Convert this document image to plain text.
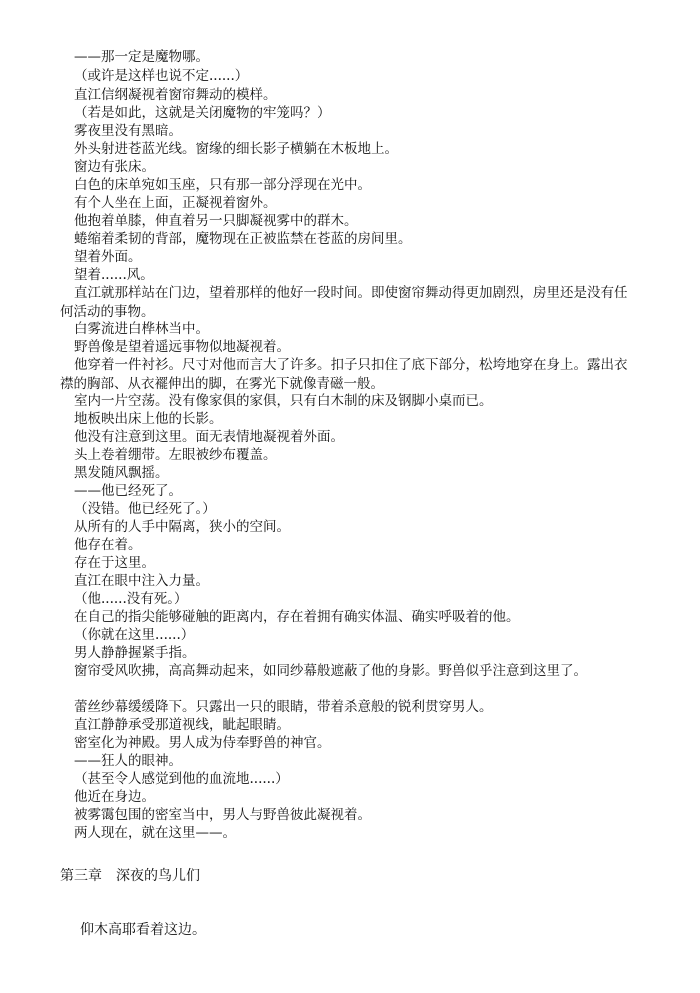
——那一定是魔物哪。

（或许是这样也说不定......）

直江信纲凝视着窗帘舞动的模样。

（若是如此，这就是关闭魔物的牢笼吗？）

雾夜里没有黑暗。

外头射进苍蓝光线。窗缘的细长影子横躺在木板地上。

窗边有张床。

白色的床单宛如玉座，只有那一部分浮现在光中。

有个人坐在上面，正凝视着窗外。

他抱着单膝，伸直着另一只脚凝视雾中的群木。

蜷缩着柔韧的背部，魔物现在正被监禁在苍蓝的房间里。

望着外面。

望着......风。

直江就那样站在门边，望着那样的他好一段时间。即使窗帘舞动得更加剧烈，房里还是没有任何活动的事物。

白雾流进白桦林当中。

野兽像是望着遥远事物似地凝视着。

他穿着一件衬衫。尺寸对他而言大了许多。扣子只扣住了底下部分，松垮地穿在身上。露出衣襟的胸部、从衣襬伸出的脚，在雾光下就像青磁一般。

室内一片空荡。没有像家俱的家俱，只有白木制的床及钢脚小桌而已。

地板映出床上他的长影。

他没有注意到这里。面无表情地凝视着外面。

头上卷着绷带。左眼被纱布覆盖。

黑发随风飘摇。

——他已经死了。

（没错。他已经死了。）

从所有的人手中隔离，狭小的空间。

他存在着。

存在于这里。

直江在眼中注入力量。

（他......没有死。）

在自己的指尖能够碰触的距离内，存在着拥有确实体温、确实呼吸着的他。

（你就在这里......）

男人静静握紧手指。

窗帘受风吹拂，高高舞动起来，如同纱幕般遮蔽了他的身影。野兽似乎注意到这里了。

蕾丝纱幕缓缓降下。只露出一只的眼睛，带着杀意般的锐利贯穿男人。

直江静静承受那道视线，眦起眼睛。

密室化为神殿。男人成为侍奉野兽的神官。

——狂人的眼神。

（甚至令人感觉到他的血流地......）

他近在身边。

被雾霭包围的密室当中，男人与野兽彼此凝视着。

两人现在，就在这里——。

第三章　深夜的鸟儿们

仰木高耶看着这边。
